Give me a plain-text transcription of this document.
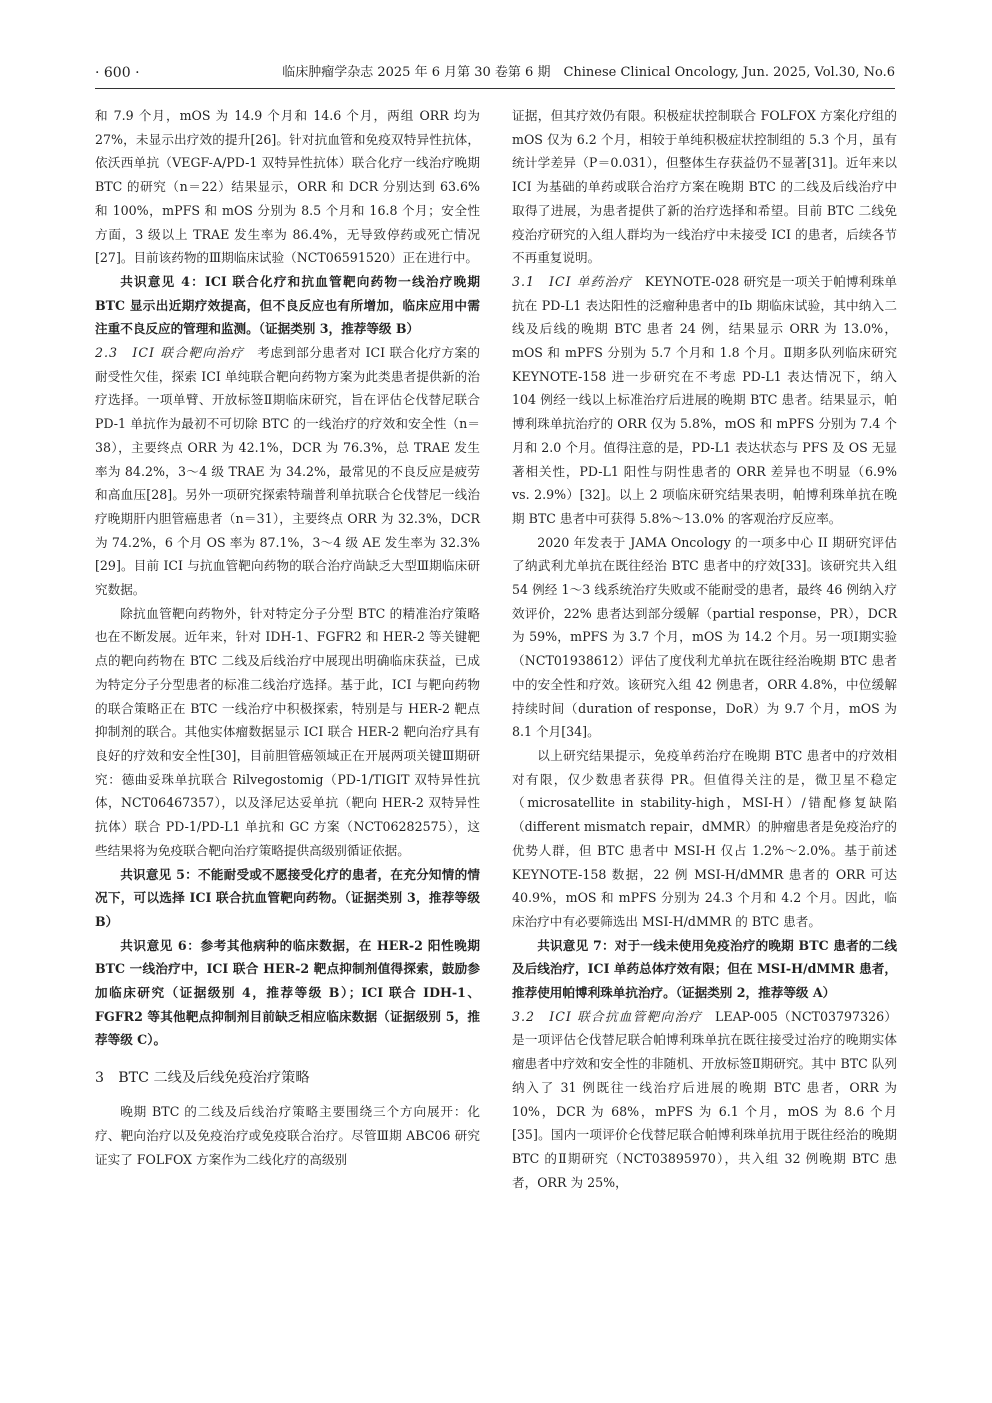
· 600 ·	临床肿瘤学杂志 2025 年 6 月第 30 卷第 6 期　Chinese Clinical Oncology, Jun. 2025, Vol.30, No.6

和 7.9 个月，mOS 为 14.9 个月和 14.6 个月，两组 ORR 均为 27%，未显示出疗效的提升[26]。针对抗血管和免疫双特异性抗体，依沃西单抗（VEGF-A/PD-1 双特异性抗体）联合化疗一线治疗晚期 BTC 的研究（n＝22）结果显示，ORR 和 DCR 分别达到 63.6% 和 100%，mPFS 和 mOS 分别为 8.5 个月和 16.8 个月；安全性方面，3 级以上 TRAE 发生率为 86.4%，无导致停药或死亡情况[27]。目前该药物的Ⅲ期临床试验（NCT06591520）正在进行中。

共识意见 4：ICI 联合化疗和抗血管靶向药物一线治疗晚期 BTC 显示出近期疗效提高，但不良反应也有所增加，临床应用中需注重不良反应的管理和监测。（证据类别 3，推荐等级 B）

2.3　ICI 联合靶向治疗　考虑到部分患者对 ICI 联合化疗方案的耐受性欠佳，探索 ICI 单纯联合靶向药物方案为此类患者提供新的治疗选择。一项单臂、开放标签Ⅱ期临床研究，旨在评估仑伐替尼联合 PD-1 单抗作为最初不可切除 BTC 的一线治疗的疗效和安全性（n＝38），主要终点 ORR 为 42.1%，DCR 为 76.3%，总 TRAE 发生率为 84.2%，3～4 级 TRAE 为 34.2%，最常见的不良反应是疲劳和高血压[28]。另外一项研究探索特瑞普利单抗联合仑伐替尼一线治疗晚期肝内胆管癌患者（n＝31），主要终点 ORR 为 32.3%，DCR 为 74.2%，6 个月 OS 率为 87.1%，3～4 级 AE 发生率为 32.3%[29]。目前 ICI 与抗血管靶向药物的联合治疗尚缺乏大型Ⅲ期临床研究数据。

除抗血管靶向药物外，针对特定分子分型 BTC 的精准治疗策略也在不断发展。近年来，针对 IDH-1、FGFR2 和 HER-2 等关键靶点的靶向药物在 BTC 二线及后线治疗中展现出明确临床获益，已成为特定分子分型患者的标准二线治疗选择。基于此，ICI 与靶向药物的联合策略正在 BTC 一线治疗中积极探索，特别是与 HER-2 靶点抑制剂的联合。其他实体瘤数据显示 ICI 联合 HER-2 靶向治疗具有良好的疗效和安全性[30]，目前胆管癌领域正在开展两项关键Ⅲ期研究：德曲妥珠单抗联合 Rilvegostomig（PD-1/TIGIT 双特异性抗体，NCT06467357），以及泽尼达妥单抗（靶向 HER-2 双特异性抗体）联合 PD-1/PD-L1 单抗和 GC 方案（NCT06282575），这些结果将为免疫联合靶向治疗策略提供高级别循证依据。

共识意见 5：不能耐受或不愿接受化疗的患者，在充分知情的情况下，可以选择 ICI 联合抗血管靶向药物。（证据类别 3，推荐等级 B）

共识意见 6：参考其他病种的临床数据，在 HER-2 阳性晚期 BTC 一线治疗中，ICI 联合 HER-2 靶点抑制剂值得探索，鼓励参加临床研究（证据级别 4，推荐等级 B）；ICI 联合 IDH-1、FGFR2 等其他靶点抑制剂目前缺乏相应临床数据（证据级别 5，推荐等级 C）。

3　BTC 二线及后线免疫治疗策略

晚期 BTC 的二线及后线治疗策略主要围绕三个方向展开：化疗、靶向治疗以及免疫治疗或免疫联合治疗。尽管Ⅲ期 ABC06 研究证实了 FOLFOX 方案作为二线化疗的高级别

证据，但其疗效仍有限。积极症状控制联合 FOLFOX 方案化疗组的 mOS 仅为 6.2 个月，相较于单纯积极症状控制组的 5.3 个月，虽有统计学差异（P＝0.031），但整体生存获益仍不显著[31]。近年来以 ICI 为基础的单药或联合治疗方案在晚期 BTC 的二线及后线治疗中取得了进展，为患者提供了新的治疗选择和希望。目前 BTC 二线免疫治疗研究的入组人群均为一线治疗中未接受 ICI 的患者，后续各节不再重复说明。

3.1　ICI 单药治疗　KEYNOTE-028 研究是一项关于帕博利珠单抗在 PD-L1 表达阳性的泛瘤种患者中的Ⅰb 期临床试验，其中纳入二线及后线的晚期 BTC 患者 24 例，结果显示 ORR 为 13.0%，mOS 和 mPFS 分别为 5.7 个月和 1.8 个月。Ⅱ期多队列临床研究 KEYNOTE-158 进一步研究在不考虑 PD-L1 表达情况下，纳入 104 例经一线以上标准治疗后进展的晚期 BTC 患者。结果显示，帕博利珠单抗治疗的 ORR 仅为 5.8%，mOS 和 mPFS 分别为 7.4 个月和 2.0 个月。值得注意的是，PD-L1 表达状态与 PFS 及 OS 无显著相关性，PD-L1 阳性与阴性患者的 ORR 差异也不明显（6.9% vs. 2.9%）[32]。以上 2 项临床研究结果表明，帕博利珠单抗在晚期 BTC 患者中可获得 5.8%～13.0% 的客观治疗反应率。

2020 年发表于 JAMA Oncology 的一项多中心 II 期研究评估了纳武利尤单抗在既往经治 BTC 患者中的疗效[33]。该研究共入组 54 例经 1～3 线系统治疗失败或不能耐受的患者，最终 46 例纳入疗效评价，22% 患者达到部分缓解（partial response，PR），DCR 为 59%，mPFS 为 3.7 个月，mOS 为 14.2 个月。另一项Ⅰ期实验（NCT01938612）评估了度伐利尤单抗在既往经治晚期 BTC 患者中的安全性和疗效。该研究入组 42 例患者，ORR 4.8%，中位缓解持续时间（duration of response，DoR）为 9.7 个月，mOS 为 8.1 个月[34]。

以上研究结果提示，免疫单药治疗在晚期 BTC 患者中的疗效相对有限，仅少数患者获得 PR。但值得关注的是，微卫星不稳定（microsatellite in stability-high，MSI-H）/错配修复缺陷（different mismatch repair，dMMR）的肿瘤患者是免疫治疗的优势人群，但 BTC 患者中 MSI-H 仅占 1.2%～2.0%。基于前述 KEYNOTE-158 数据，22 例 MSI-H/dMMR 患者的 ORR 可达 40.9%，mOS 和 mPFS 分别为 24.3 个月和 4.2 个月。因此，临床治疗中有必要筛选出 MSI-H/dMMR 的 BTC 患者。

共识意见 7：对于一线未使用免疫治疗的晚期 BTC 患者的二线及后线治疗，ICI 单药总体疗效有限；但在 MSI-H/dMMR 患者，推荐使用帕博利珠单抗治疗。（证据类别 2，推荐等级 A）

3.2　ICI 联合抗血管靶向治疗　LEAP-005（NCT03797326）是一项评估仑伐替尼联合帕博利珠单抗在既往接受过治疗的晚期实体瘤患者中疗效和安全性的非随机、开放标签Ⅱ期研究。其中 BTC 队列纳入了 31 例既往一线治疗后进展的晚期 BTC 患者，ORR 为 10%，DCR 为 68%，mPFS 为 6.1 个月，mOS 为 8.6 个月[35]。国内一项评价仑伐替尼联合帕博利珠单抗用于既往经治的晚期 BTC 的Ⅱ期研究（NCT03895970），共入组 32 例晚期 BTC 患者，ORR 为 25%，
